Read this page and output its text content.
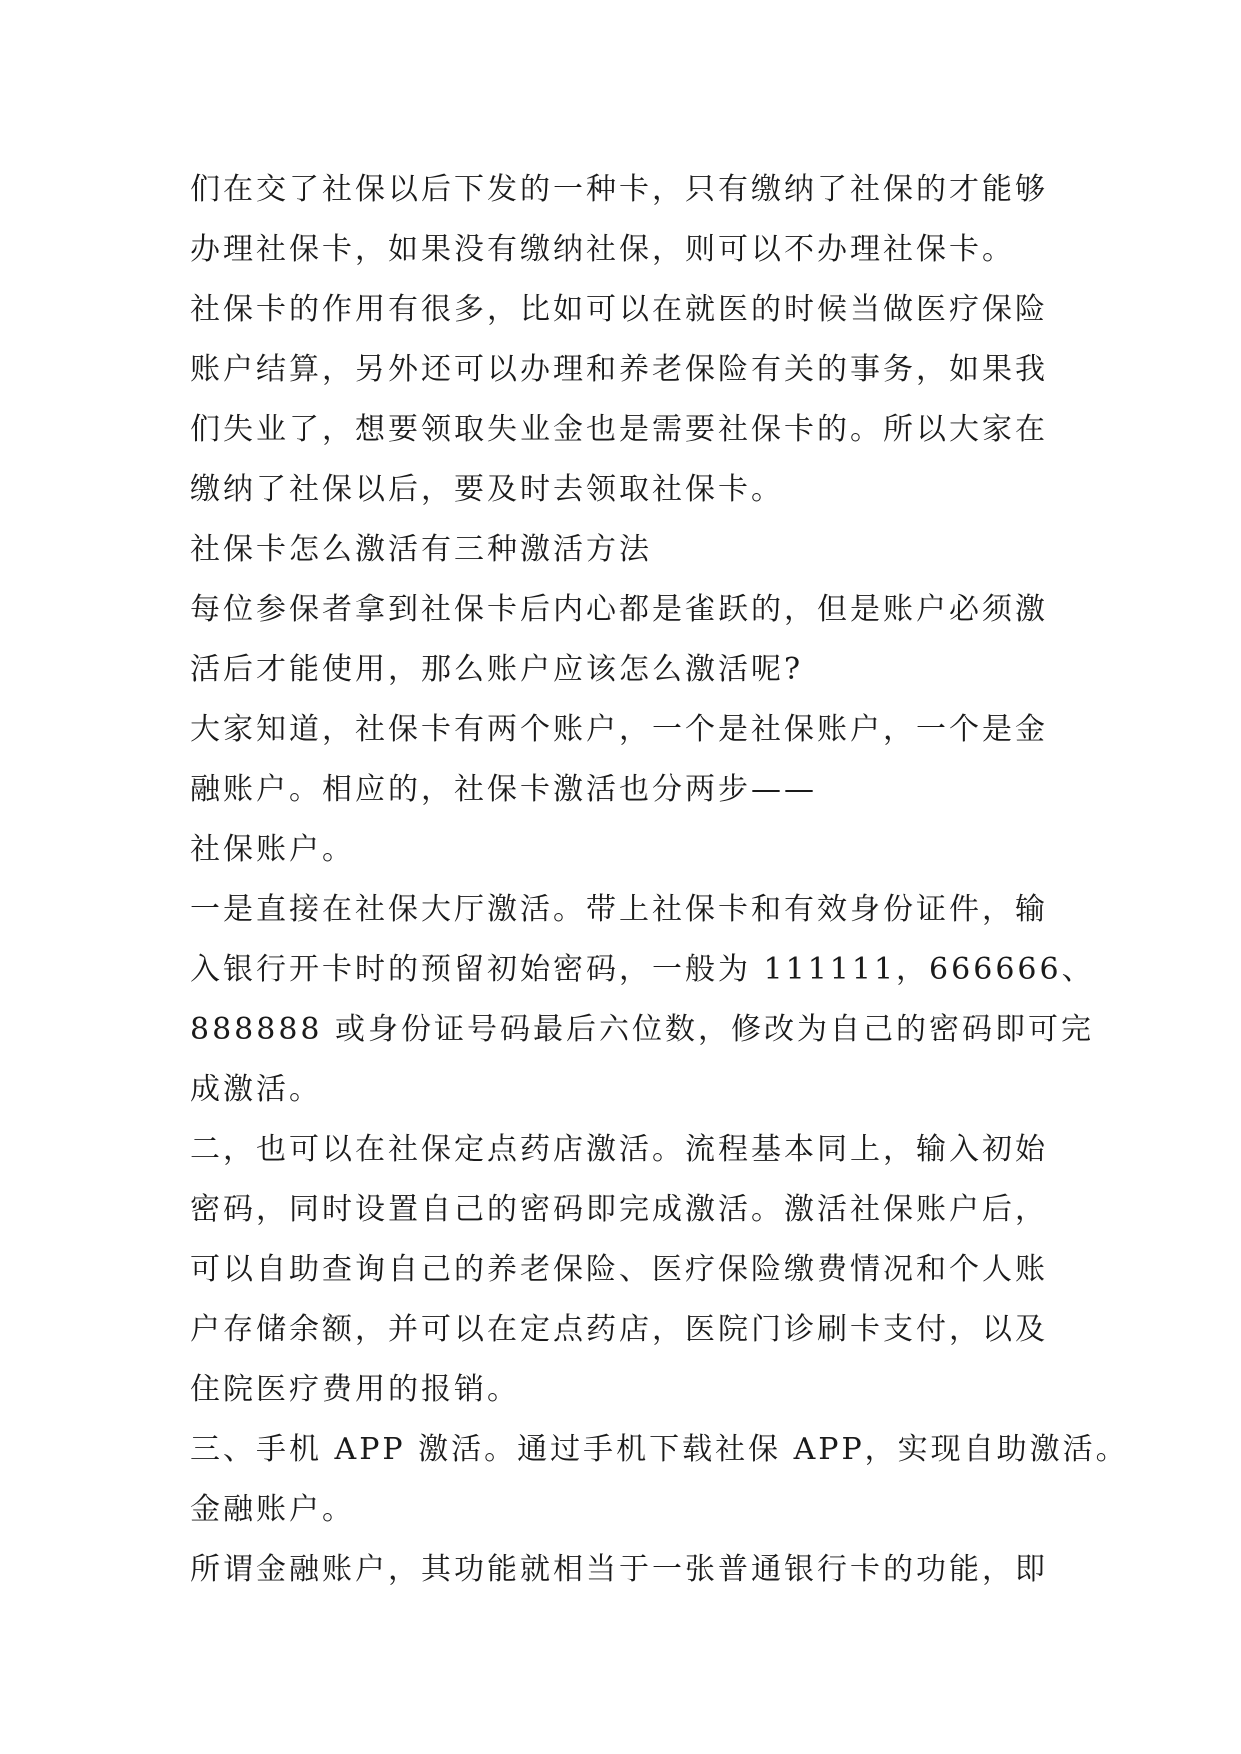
们在交了社保以后下发的一种卡，只有缴纳了社保的才能够
办理社保卡，如果没有缴纳社保，则可以不办理社保卡。
社保卡的作用有很多，比如可以在就医的时候当做医疗保险
账户结算，另外还可以办理和养老保险有关的事务，如果我
们失业了，想要领取失业金也是需要社保卡的。所以大家在
缴纳了社保以后，要及时去领取社保卡。
社保卡怎么激活有三种激活方法
每位参保者拿到社保卡后内心都是雀跃的，但是账户必须激
活后才能使用，那么账户应该怎么激活呢?
大家知道，社保卡有两个账户，一个是社保账户，一个是金
融账户。相应的，社保卡激活也分两步——
社保账户。
一是直接在社保大厅激活。带上社保卡和有效身份证件，输
入银行开卡时的预留初始密码，一般为 111111，666666、
888888 或身份证号码最后六位数，修改为自己的密码即可完
成激活。
二，也可以在社保定点药店激活。流程基本同上，输入初始
密码，同时设置自己的密码即完成激活。激活社保账户后，
可以自助查询自己的养老保险、医疗保险缴费情况和个人账
户存储余额，并可以在定点药店，医院门诊刷卡支付，以及
住院医疗费用的报销。
三、手机 APP 激活。通过手机下载社保 APP，实现自助激活。
金融账户。
所谓金融账户，其功能就相当于一张普通银行卡的功能，即
